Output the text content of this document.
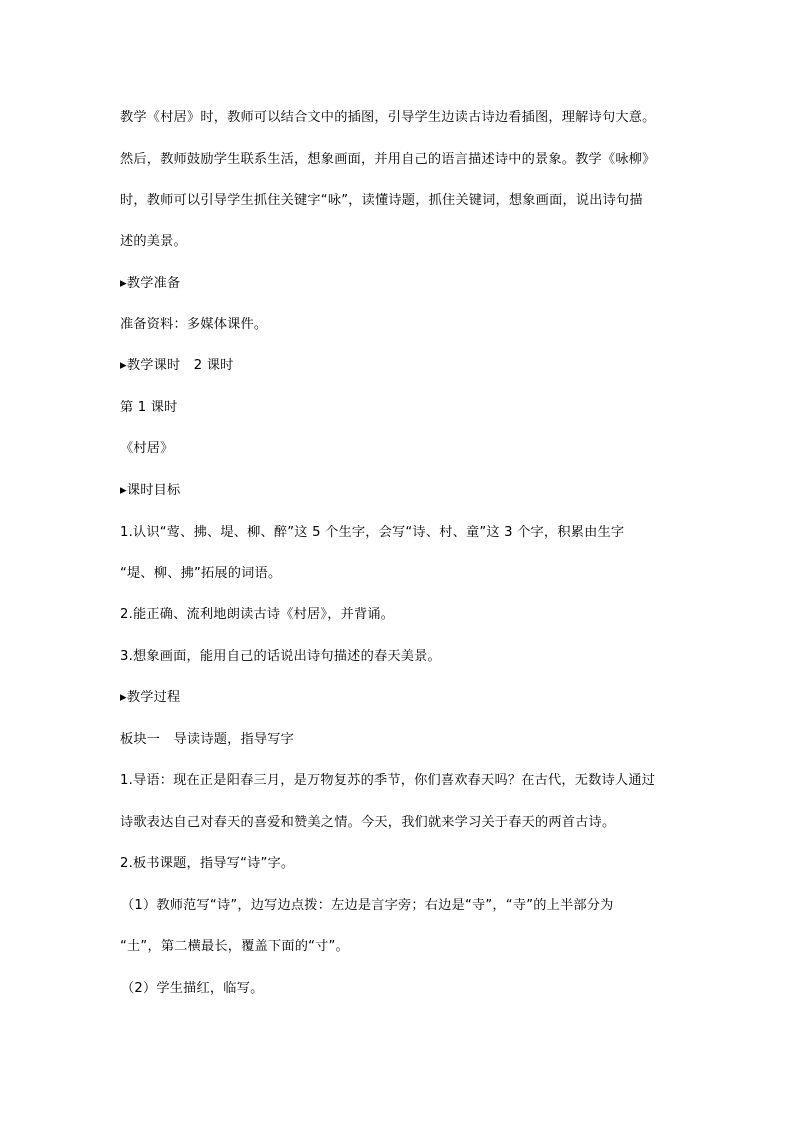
教学《村居》时，教师可以结合文中的插图，引导学生边读古诗边看插图，理解诗句大意。
然后，教师鼓励学生联系生活，想象画面，并用自己的语言描述诗中的景象。教学《咏柳》
时，教师可以引导学生抓住关键字“咏”，读懂诗题，抓住关键词，想象画面，说出诗句描
述的美景。
▸教学准备
准备资料：多媒体课件。
▸教学课时　2 课时
第 1 课时
《村居》
▸课时目标
1.认识“莺、拂、堤、柳、醉”这 5 个生字，会写“诗、村、童”这 3 个字，积累由生字
“堤、柳、拂”拓展的词语。
2.能正确、流利地朗读古诗《村居》，并背诵。
3.想象画面，能用自己的话说出诗句描述的春天美景。
▸教学过程
板块一　导读诗题，指导写字
1.导语：现在正是阳春三月，是万物复苏的季节，你们喜欢春天吗？在古代，无数诗人通过
诗歌表达自己对春天的喜爱和赞美之情。今天，我们就来学习关于春天的两首古诗。
2.板书课题，指导写“诗”字。
（1）教师范写“诗”，边写边点拨：左边是言字旁；右边是“寺”，“寺”的上半部分为
“土”，第二横最长，覆盖下面的“寸”。
（2）学生描红，临写。
